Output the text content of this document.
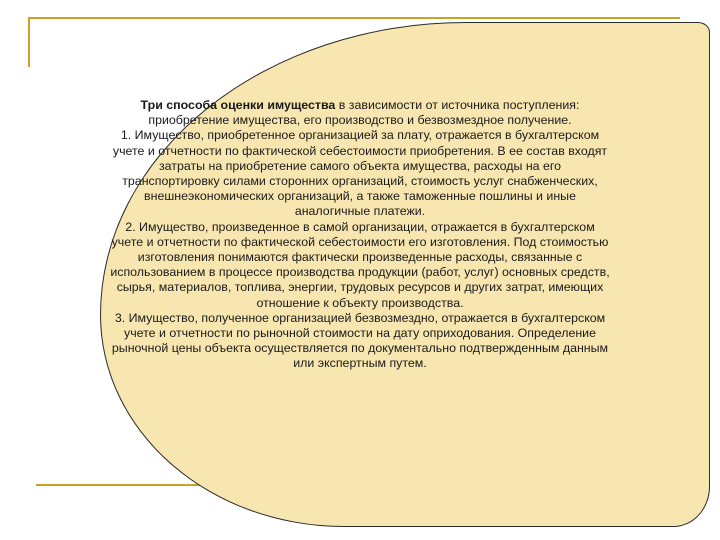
Три способа оценки имущества в зависимости от источника поступления: приобретение имущества, его производство и безвозмездное получение.

1. Имущество, приобретенное организацией за плату, отражается в бухгалтерском учете и отчетности по фактической себестоимости приобретения. В ее состав входят затраты на приобретение самого объекта имущества, расходы на его транспортировку силами сторонних организаций, стоимость услуг снабженческих, внешнеэкономических организаций, а также таможенные пошлины и иные аналогичные платежи.

2. Имущество, произведенное в самой организации, отражается в бухгалтерском учете и отчетности по фактической себестоимости его изготовления. Под стоимостью изготовления понимаются фактически произведенные расходы, связанные с использованием в процессе производства продукции (работ, услуг) основных средств, сырья, материалов, топлива, энергии, трудовых ресурсов и других затрат, имеющих отношение к объекту производства.

3. Имущество, полученное организацией безвозмездно, отражается в бухгалтерском учете и отчетности по рыночной стоимости на дату оприходования. Определение рыночной цены объекта осуществляется по документально подтвержденным данным или экспертным путем.
